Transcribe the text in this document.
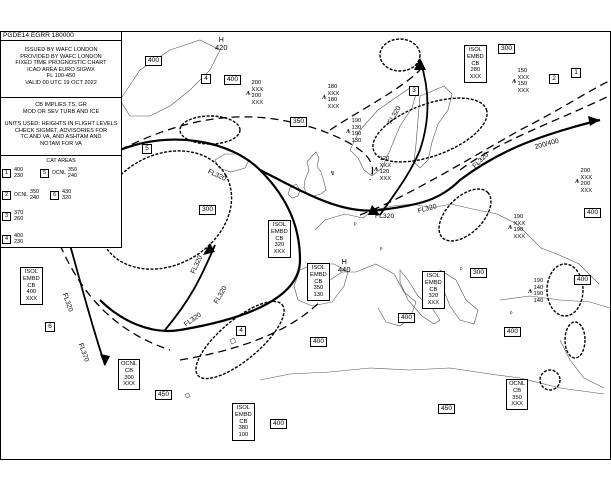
↯
ᴾ
ᴾ
ᴾ
ᴾ
PGDE14 EGRR 180000
ISSUED BY WAFC LONDON
PROVIDED BY WAFC LONDON
FIXED TIME PROGNOSTIC CHART
ICAO AREA EURO SIGWX
FL 100-450
VALID 00 UTC 19 OCT 2022
CB IMPLIES TS, GR
MOD OR SEV TURB AND ICE
UNITS USED: HEIGHTS IN FLIGHT LEVELS
CHECK SIGMET, ADVISORIES FOR
TC AND VA, AND ASHTAM AND
NOTAM FOR VA
CAT AREAS
1 400
230
5 OCNL
350
240
2 OCNL
350
240
6 430
320
3 370
260
4 400
230
ISOL
EMBD
CB
280
XXX
ISOL
EMBD
CB
320
XXX
ISOL
EMBD
CB
350
130
ISOL
EMBD
CB
320
XXX
ISOL
EMBD
CB
400
XXX
OCNL
CB
300
XXX
ISOL
EMBD
CB
380
100
OCNL
CB
350
XXX
⩚
200
XXX
200
XXX
⩚
180
XXX
180
XXX
⩚
190
130
190
130
⩚
150
XXX
150
XXX
⩚
120
XXX
120
XXX	⩚
200
XXX
200
XXX
⩚
190
XXX
190
XXX
⩚
190
140
190
140
400
400
300
300
350
400
300
400
400
400
400
450
400
450
H
420
H
440
FL320
FL320
FL320
FL320
FL320
FL370
FL320
FL320
FL320
FL320
200/400
1
2
3
4
5
6
4
